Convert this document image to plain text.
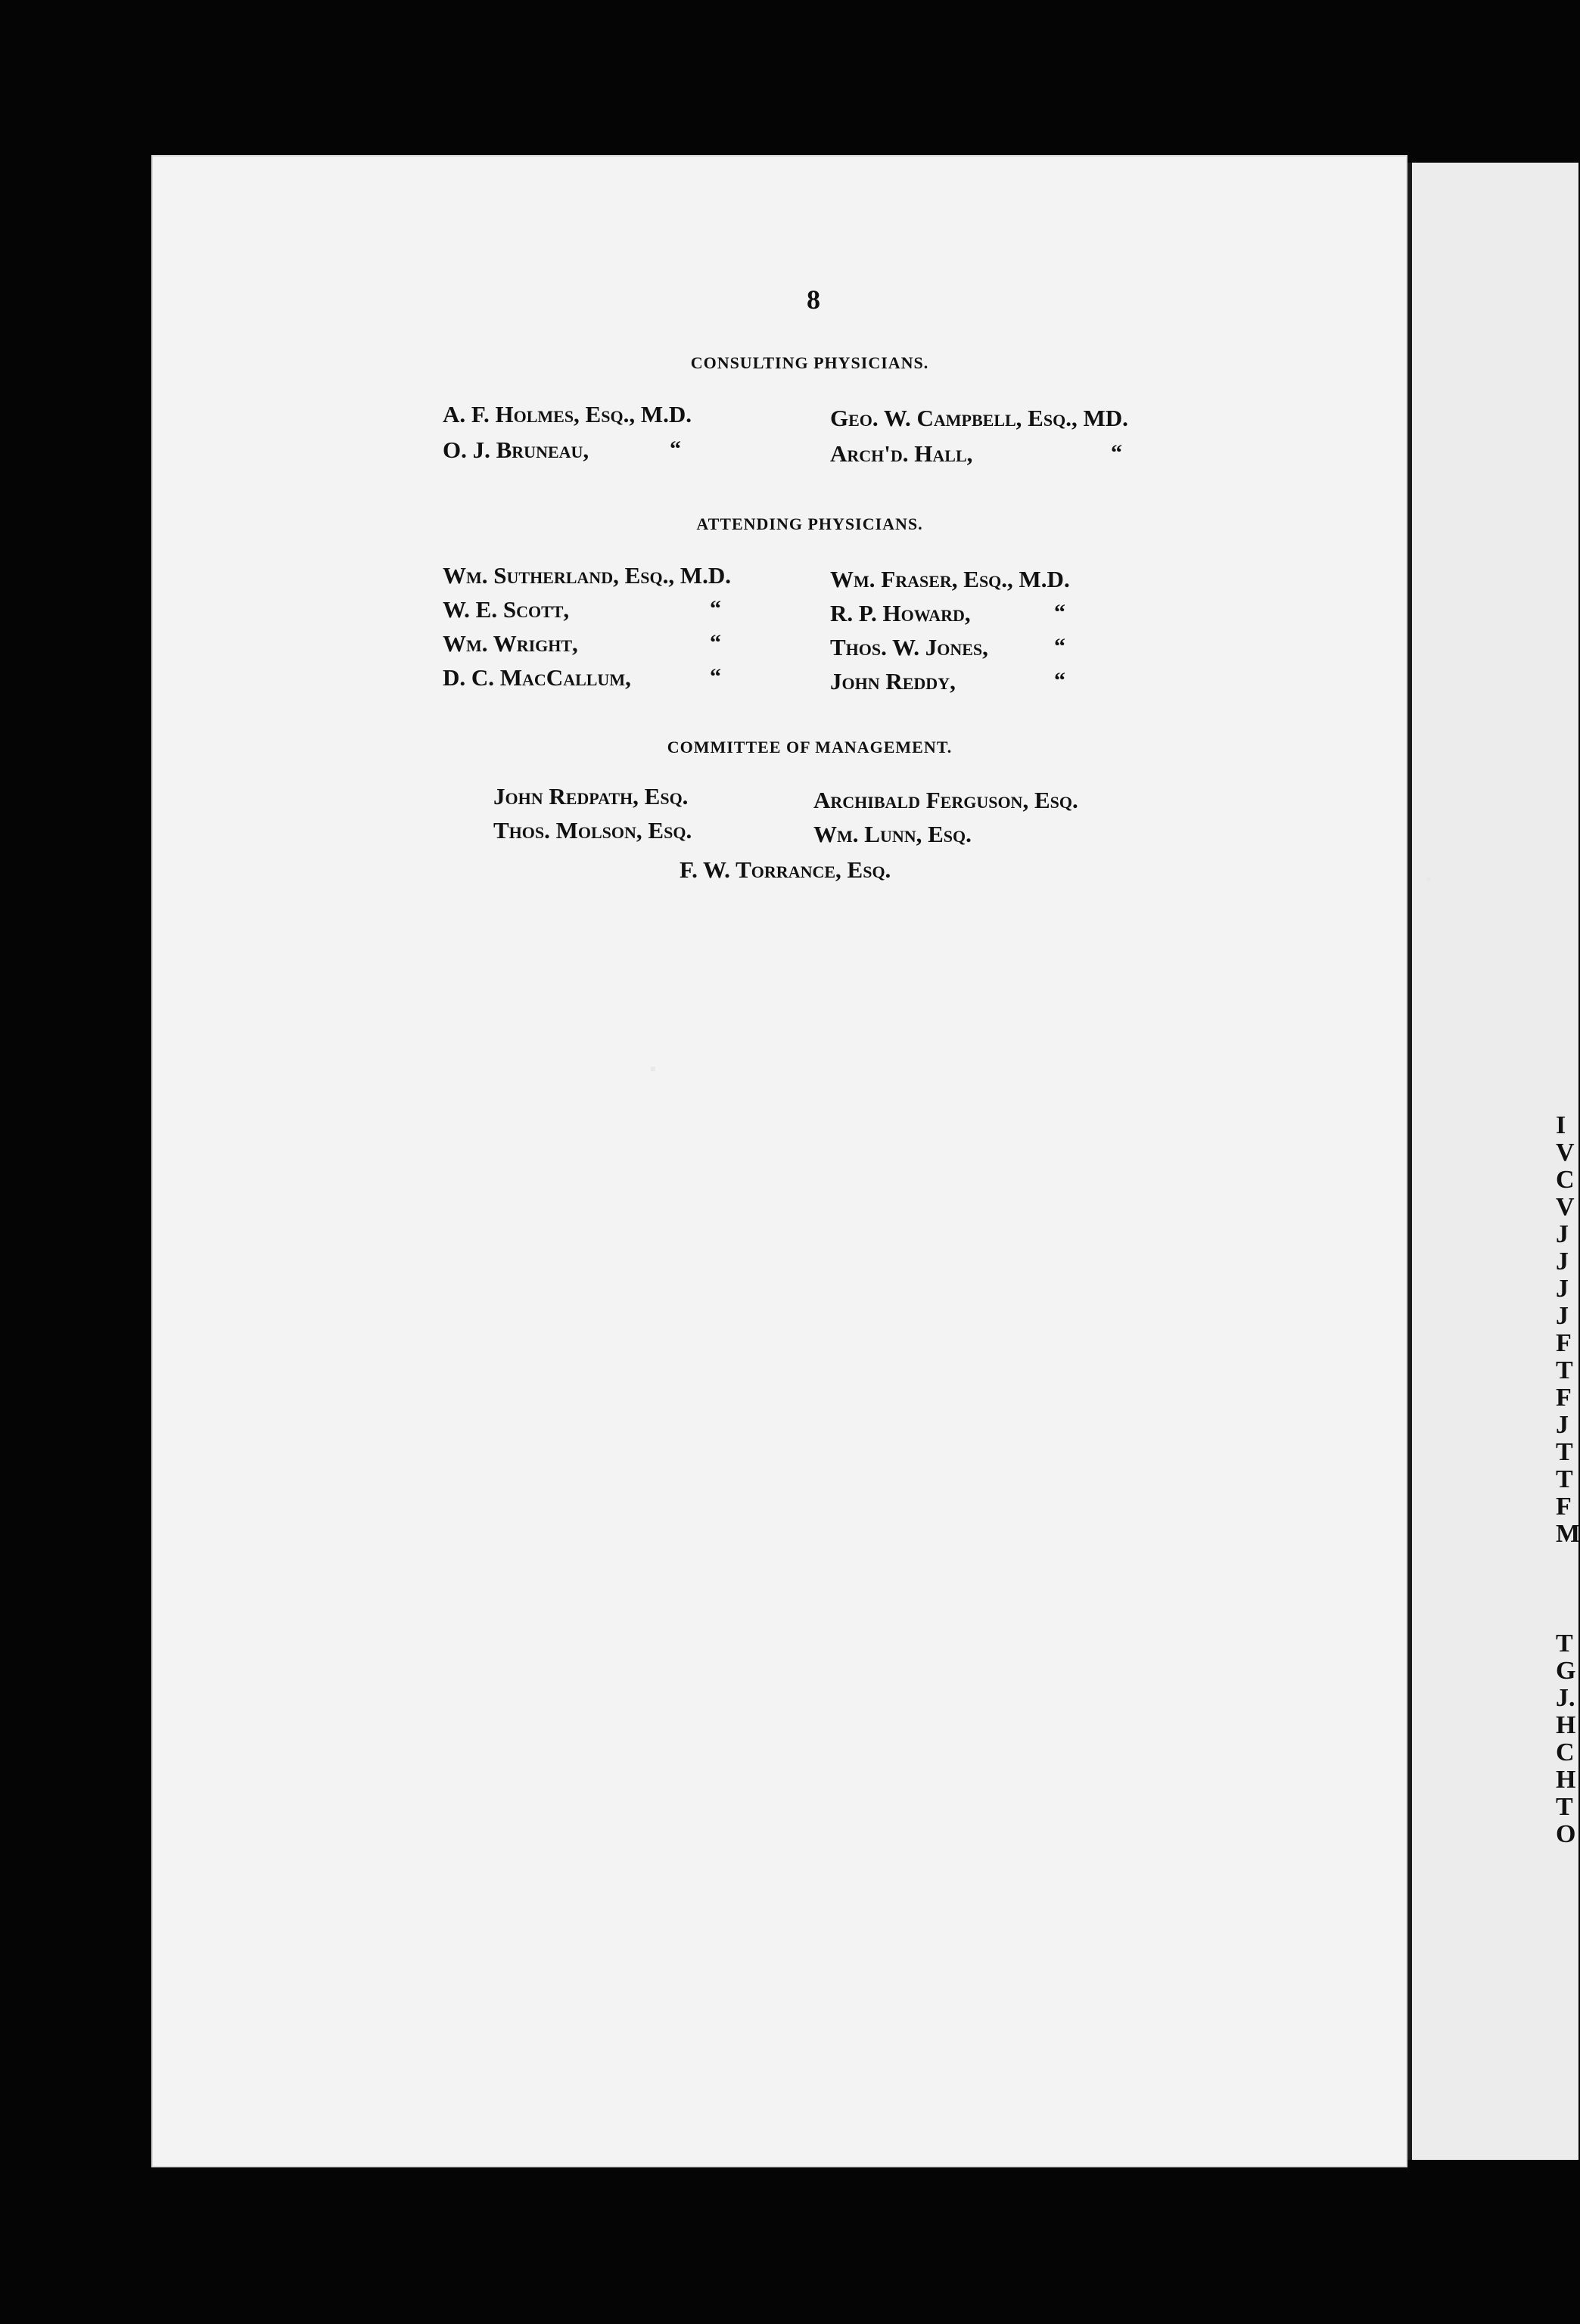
I
V
C
V
J
J
J
J
F
T
F
J
T
T
F
M
T
G
J.
H
C
H
T
O
8
CONSULTING PHYSICIANS.
A. F. Holmes, Esq., M.D.
O. J. Bruneau,	“
Geo. W. Campbell, Esq., MD.
Arch'd. Hall,	“
ATTENDING PHYSICIANS.
Wm. Sutherland, Esq., M.D.
W. E. Scott,
Wm. Wright,
D. C. MacCallum,
“
“
“
Wm. Fraser, Esq., M.D.
R. P. Howard,
Thos. W. Jones,
John Reddy,
“
“
“
COMMITTEE OF MANAGEMENT.
John Redpath, Esq.
Thos. Molson, Esq.
Archibald Ferguson, Esq.
Wm. Lunn, Esq.
F. W. Torrance, Esq.
